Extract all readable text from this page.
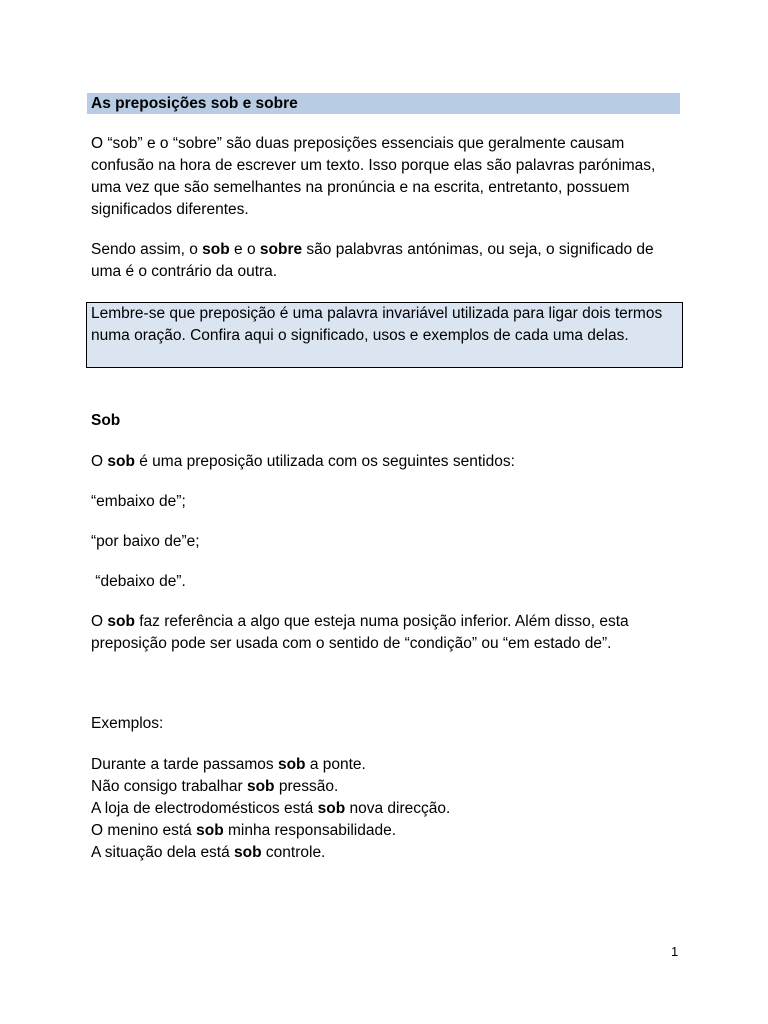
As preposições sob e sobre

O “sob” e o “sobre” são duas preposições essenciais que geralmente causam confusão na hora de escrever um texto. Isso porque elas são palavras parónimas, uma vez que são semelhantes na pronúncia e na escrita, entretanto, possuem significados diferentes.

Sendo assim, o sob e o sobre são palabvras antónimas, ou seja, o significado de uma é o contrário da outra.

Lembre-se que preposição é uma palavra invariável utilizada para ligar dois termos numa oração. Confira aqui o significado, usos e exemplos de cada uma delas.

Sob

O sob é uma preposição utilizada com os seguintes sentidos:

“embaixo de”;

“por baixo de”e;

“debaixo de”.

O sob faz referência a algo que esteja numa posição inferior. Além disso, esta preposição pode ser usada com o sentido de “condição” ou “em estado de”.

Exemplos:

Durante a tarde passamos sob a ponte.
Não consigo trabalhar sob pressão.
A loja de electrodomésticos está sob nova direcção.
O menino está sob minha responsabilidade.
A situação dela está sob controle.
1
